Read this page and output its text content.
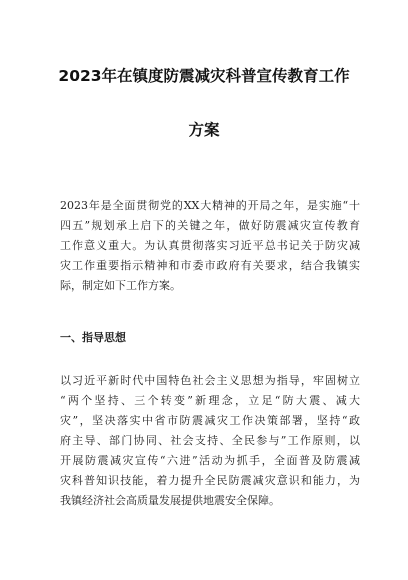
2023年在镇度防震减灾科普宣传教育工作
方案
2023年是全面贯彻党的XX大精神的开局之年，是实施“十
四五”规划承上启下的关键之年，做好防震减灾宣传教育
工作意义重大。为认真贯彻落实习近平总书记关于防灾减
灾工作重要指示精神和市委市政府有关要求，结合我镇实
际，制定如下工作方案。
一、指导思想
以习近平新时代中国特色社会主义思想为指导，牢固树立
“两个坚持、三个转变”新理念，立足“防大震、减大
灾”，坚决落实中省市防震减灾工作决策部署，坚持“政
府主导、部门协同、社会支持、全民参与”工作原则，以
开展防震减灾宣传“六进”活动为抓手，全面普及防震减
灾科普知识技能，着力提升全民防震减灾意识和能力，为
我镇经济社会高质量发展提供地震安全保障。
